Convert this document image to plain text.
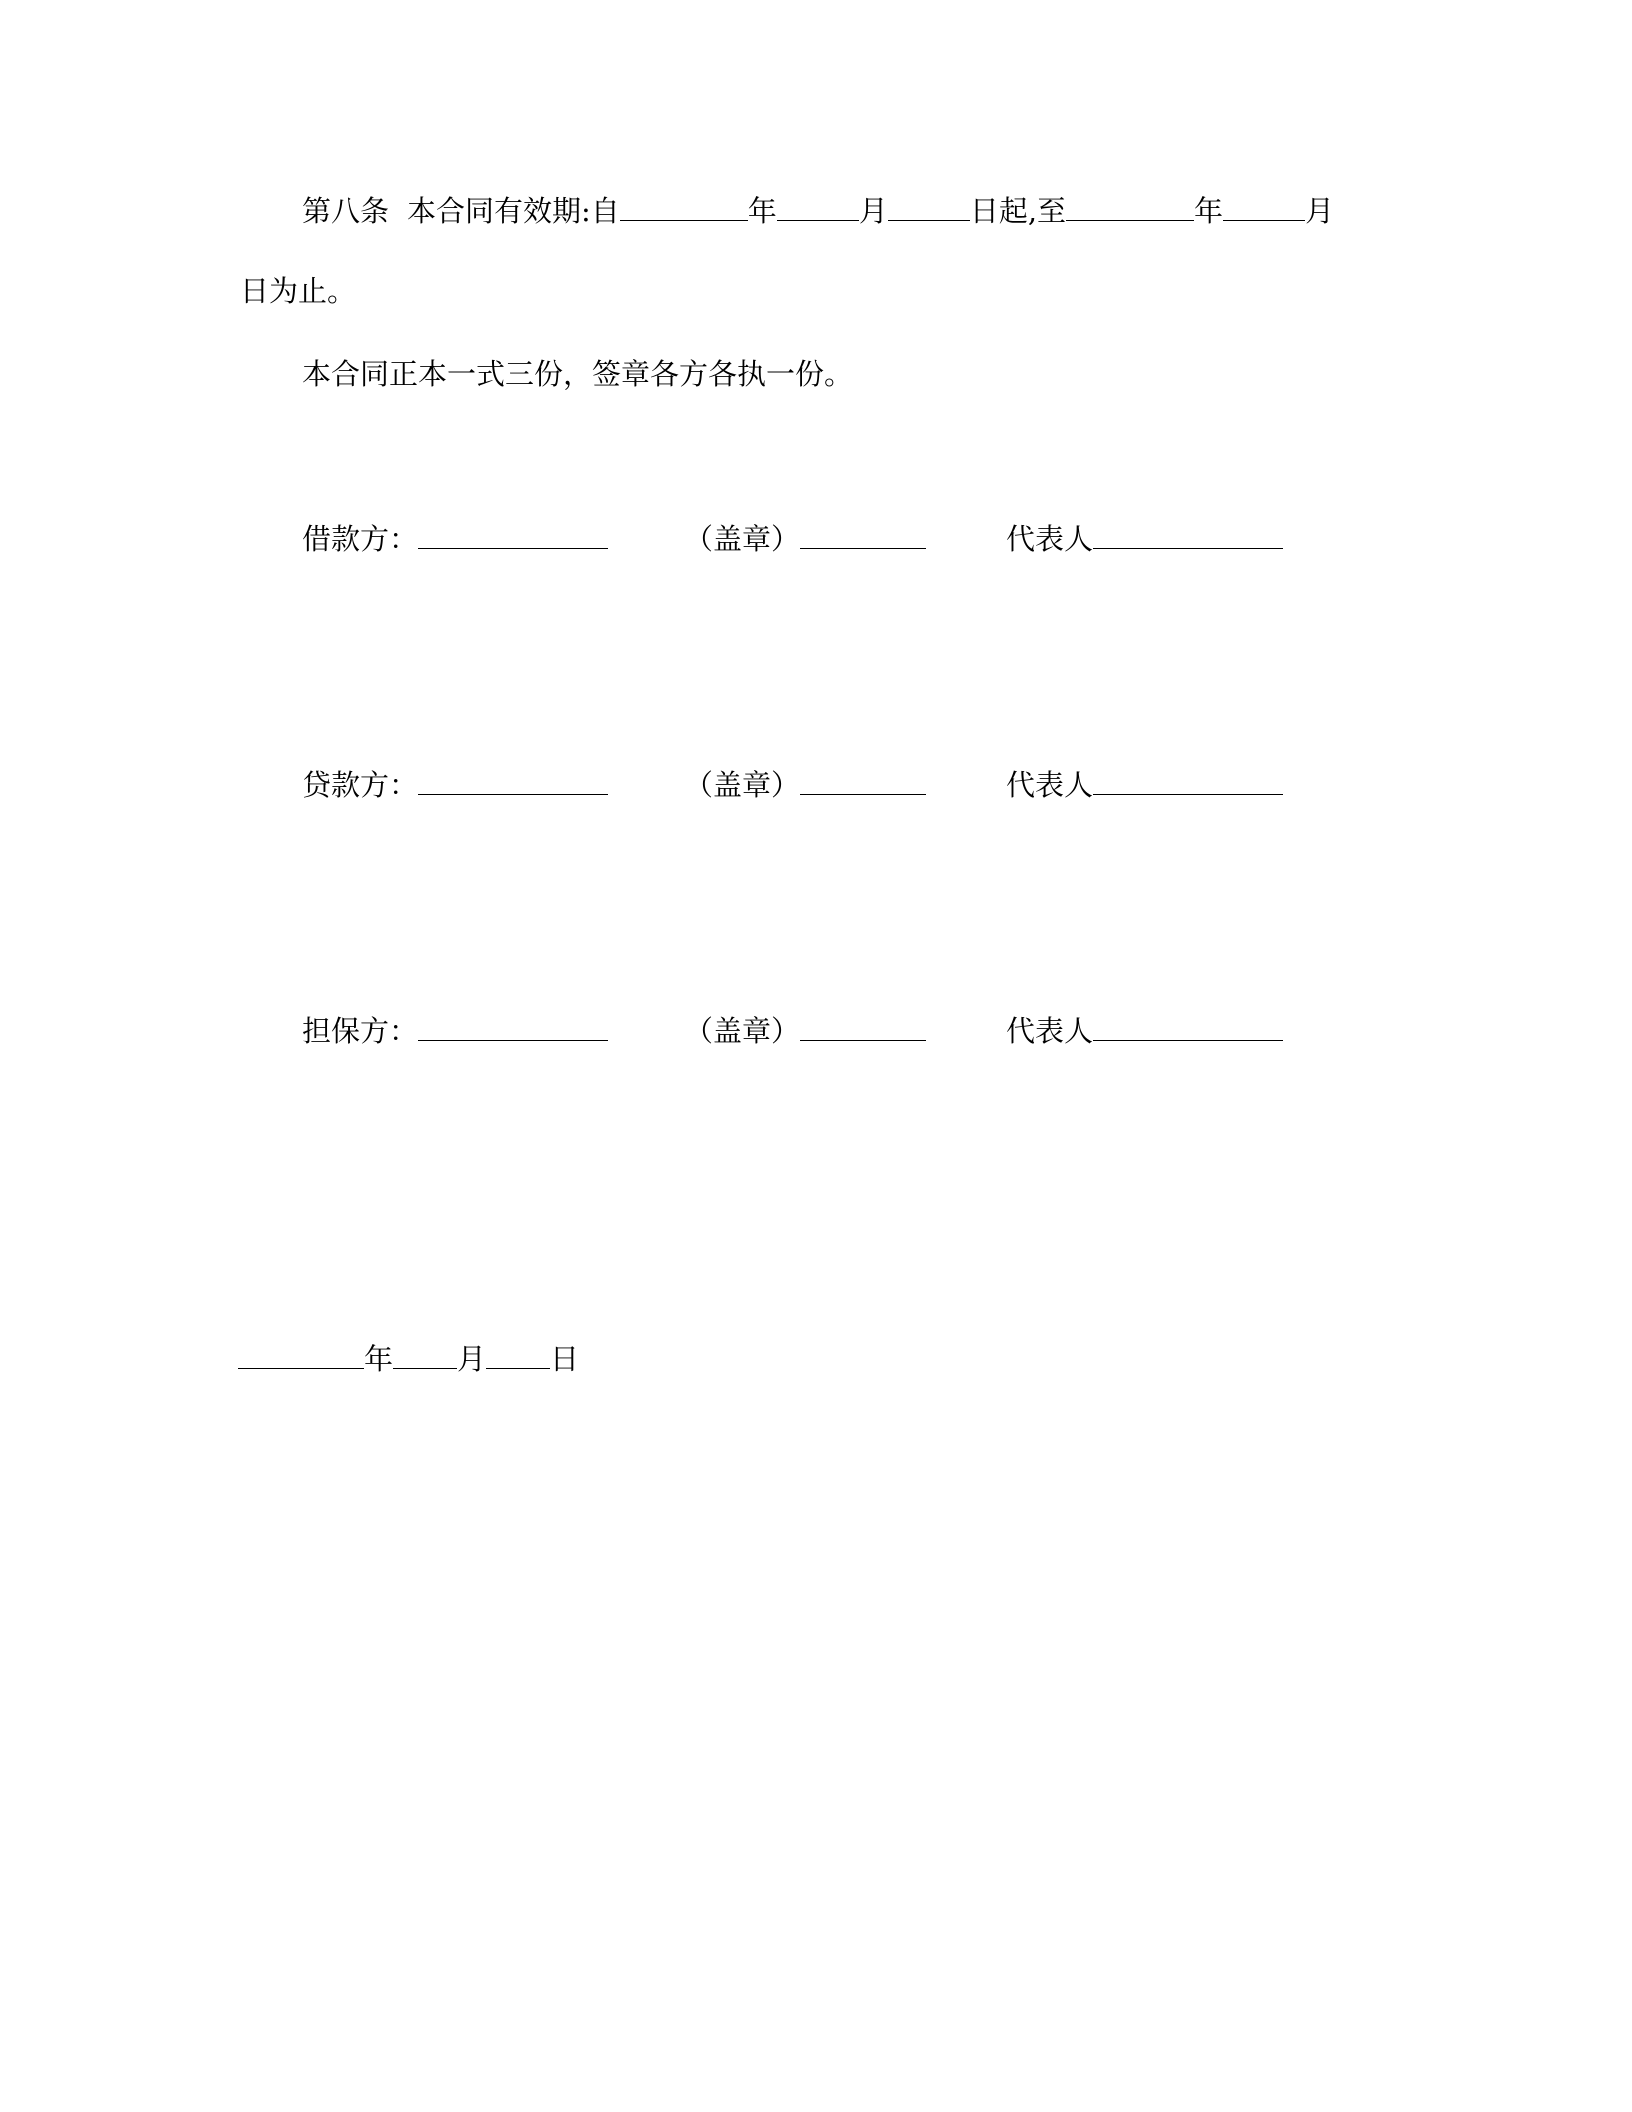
第八条 本合同有效期:自	年	月	日起,至	年	月
日为止。
本合同正本一式三份，签章各方各执一份。
借款方：	（盖章）	代表人
贷款方：	（盖章）	代表人
担保方：	（盖章）	代表人
年 月 日
